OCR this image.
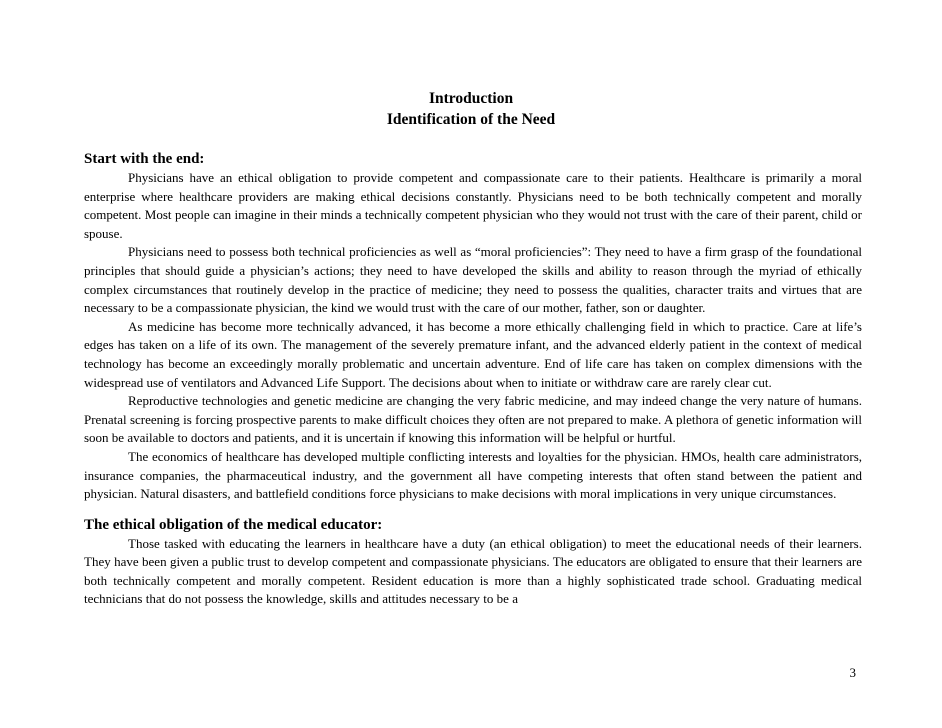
Introduction
Identification of the Need

Start with the end:

Physicians have an ethical obligation to provide competent and compassionate care to their patients. Healthcare is primarily a moral enterprise where healthcare providers are making ethical decisions constantly. Physicians need to be both technically competent and morally competent. Most people can imagine in their minds a technically competent physician who they would not trust with the care of their parent, child or spouse.

Physicians need to possess both technical proficiencies as well as “moral proficiencies”: They need to have a firm grasp of the foundational principles that should guide a physician’s actions; they need to have developed the skills and ability to reason through the myriad of ethically complex circumstances that routinely develop in the practice of medicine; they need to possess the qualities, character traits and virtues that are necessary to be a compassionate physician, the kind we would trust with the care of our mother, father, son or daughter.

As medicine has become more technically advanced, it has become a more ethically challenging field in which to practice. Care at life’s edges has taken on a life of its own. The management of the severely premature infant, and the advanced elderly patient in the context of medical technology has become an exceedingly morally problematic and uncertain adventure. End of life care has taken on complex dimensions with the widespread use of ventilators and Advanced Life Support. The decisions about when to initiate or withdraw care are rarely clear cut.

Reproductive technologies and genetic medicine are changing the very fabric medicine, and may indeed change the very nature of humans. Prenatal screening is forcing prospective parents to make difficult choices they often are not prepared to make. A plethora of genetic information will soon be available to doctors and patients, and it is uncertain if knowing this information will be helpful or hurtful.

The economics of healthcare has developed multiple conflicting interests and loyalties for the physician. HMOs, health care administrators, insurance companies, the pharmaceutical industry, and the government all have competing interests that often stand between the patient and physician. Natural disasters, and battlefield conditions force physicians to make decisions with moral implications in very unique circumstances.

The ethical obligation of the medical educator:

Those tasked with educating the learners in healthcare have a duty (an ethical obligation) to meet the educational needs of their learners. They have been given a public trust to develop competent and compassionate physicians. The educators are obligated to ensure that their learners are both technically competent and morally competent. Resident education is more than a highly sophisticated trade school. Graduating medical technicians that do not possess the knowledge, skills and attitudes necessary to be a

3
